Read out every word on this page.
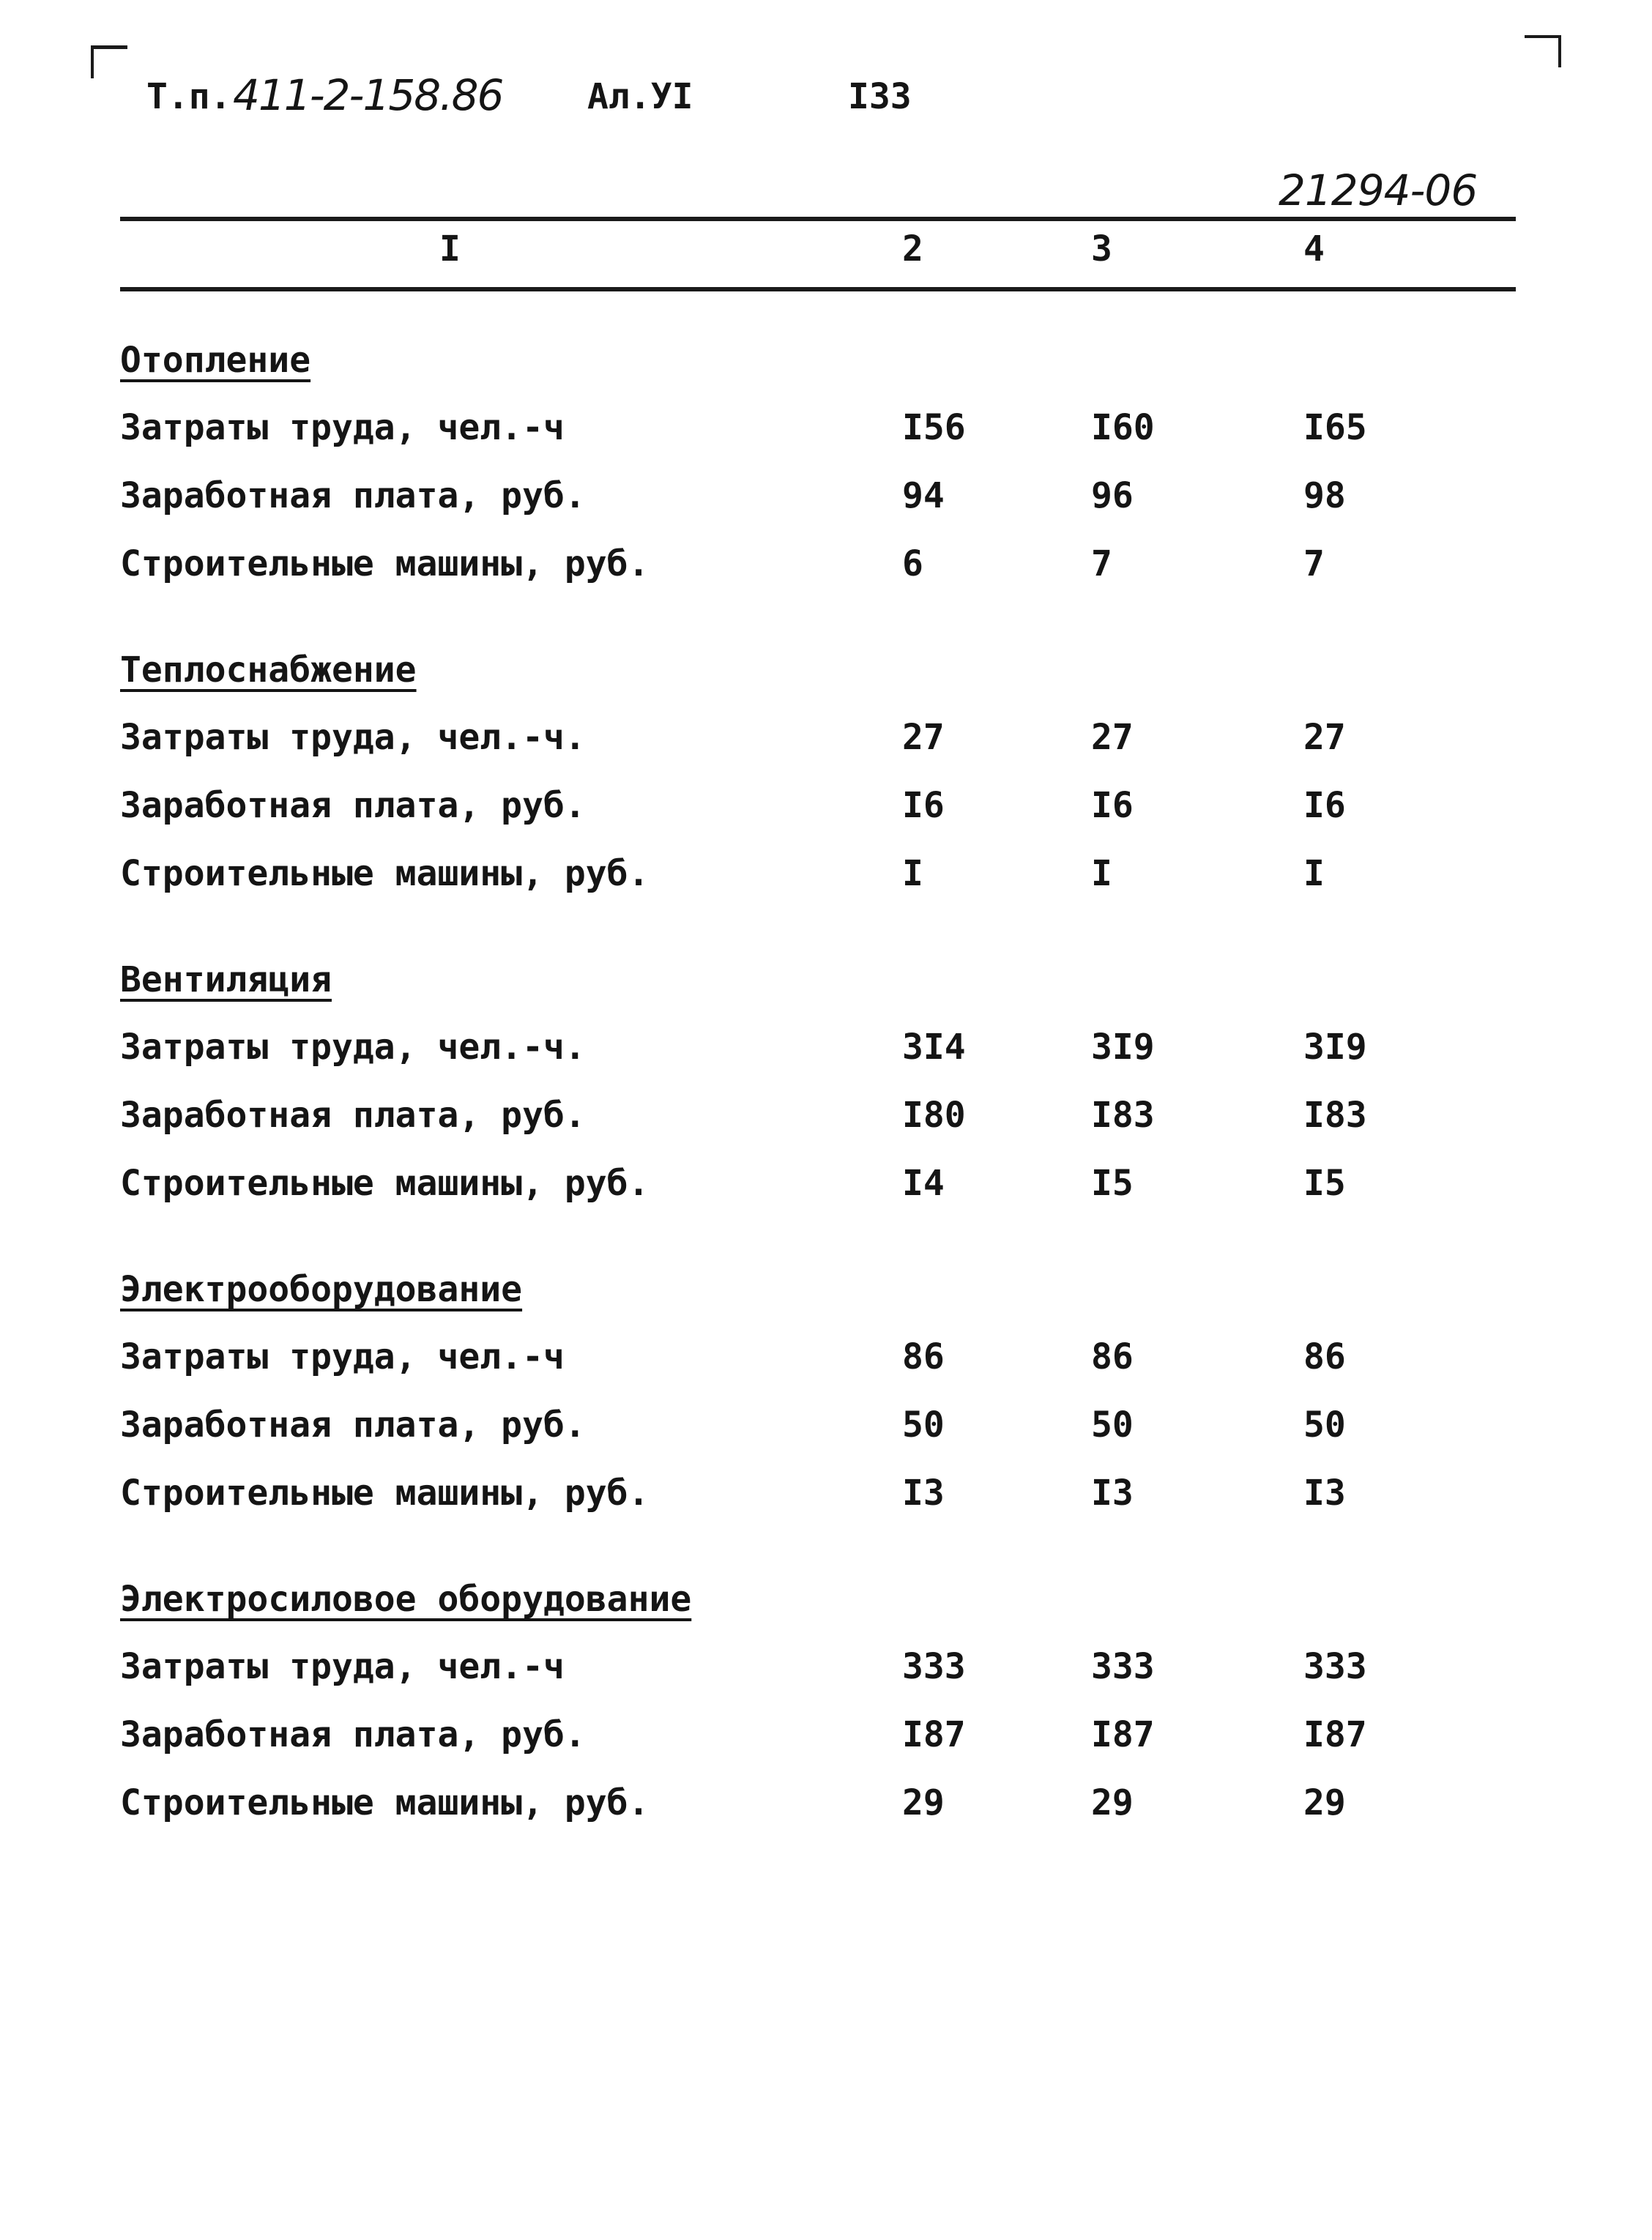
Т.п. 411-2-158.86 Ал.УI	I33
21294-06
I	2	3	4
Отопление
Затраты труда, чел.-ч	I56	I60	I65
Заработная плата, руб.	94	96	98
Строительные машины, руб.	6	7	7
Теплоснабжение
Затраты труда, чел.-ч.	27	27	27
Заработная плата, руб.	I6	I6	I6
Строительные машины, руб.	I	I	I
Вентиляция
Затраты труда, чел.-ч.	3I4	3I9	3I9
Заработная плата, руб.	I80	I83	I83
Строительные машины, руб.	I4	I5	I5
Электрооборудование
Затраты труда, чел.-ч	86	86	86
Заработная плата, руб.	50	50	50
Строительные машины, руб.	I3	I3	I3
Электросиловое оборудование
Затраты труда, чел.-ч	333	333	333
Заработная плата, руб.	I87	I87	I87
Строительные машины, руб.	29	29	29
